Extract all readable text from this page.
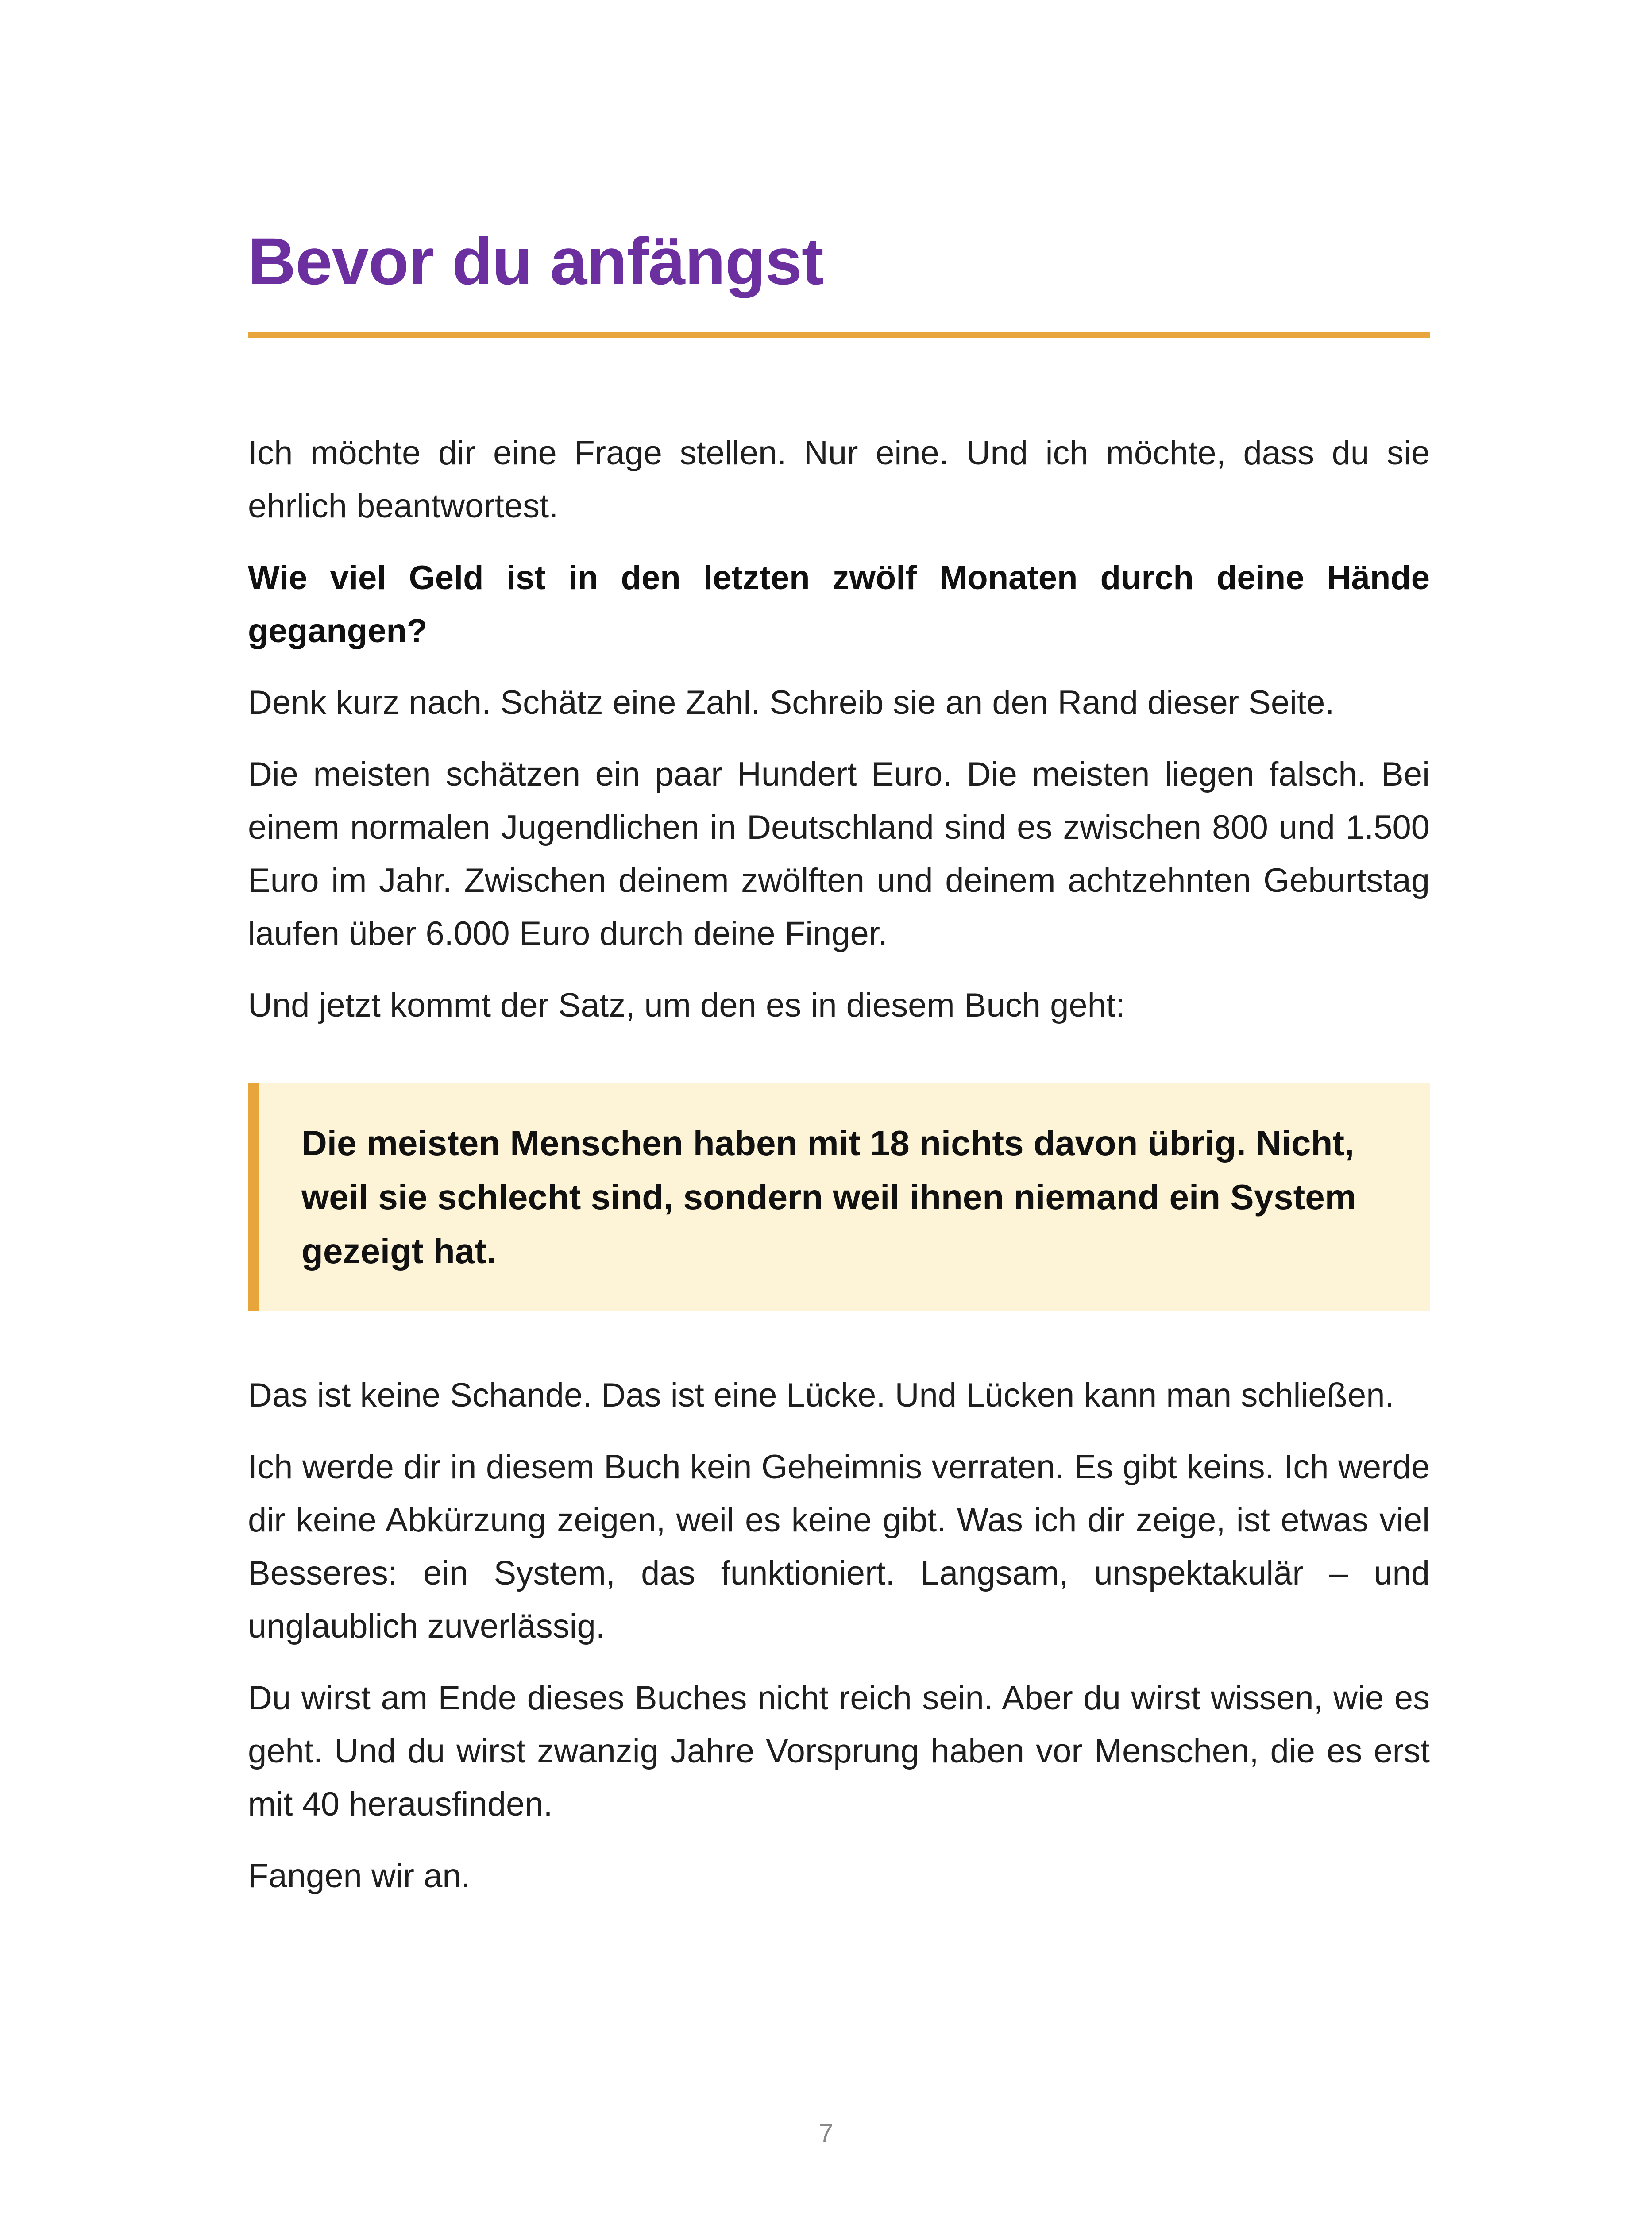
Bevor du anfängst

Ich möchte dir eine Frage stellen. Nur eine. Und ich möchte, dass du sie ehrlich beantwortest.

Wie viel Geld ist in den letzten zwölf Monaten durch deine Hände gegangen?

Denk kurz nach. Schätz eine Zahl. Schreib sie an den Rand dieser Seite.

Die meisten schätzen ein paar Hundert Euro. Die meisten liegen falsch. Bei einem normalen Jugendlichen in Deutschland sind es zwischen 800 und 1.500 Euro im Jahr. Zwischen deinem zwölften und deinem achtzehnten Geburtstag laufen über 6.000 Euro durch deine Finger.

Und jetzt kommt der Satz, um den es in diesem Buch geht:

Die meisten Menschen haben mit 18 nichts davon übrig. Nicht, weil sie schlecht sind, sondern weil ihnen niemand ein System gezeigt hat.

Das ist keine Schande. Das ist eine Lücke. Und Lücken kann man schließen.

Ich werde dir in diesem Buch kein Geheimnis verraten. Es gibt keins. Ich werde dir keine Abkürzung zeigen, weil es keine gibt. Was ich dir zeige, ist etwas viel Besseres: ein System, das funktioniert. Langsam, unspektakulär – und unglaublich zuverlässig.

Du wirst am Ende dieses Buches nicht reich sein. Aber du wirst wissen, wie es geht. Und du wirst zwanzig Jahre Vorsprung haben vor Menschen, die es erst mit 40 herausfinden.

Fangen wir an.

7
